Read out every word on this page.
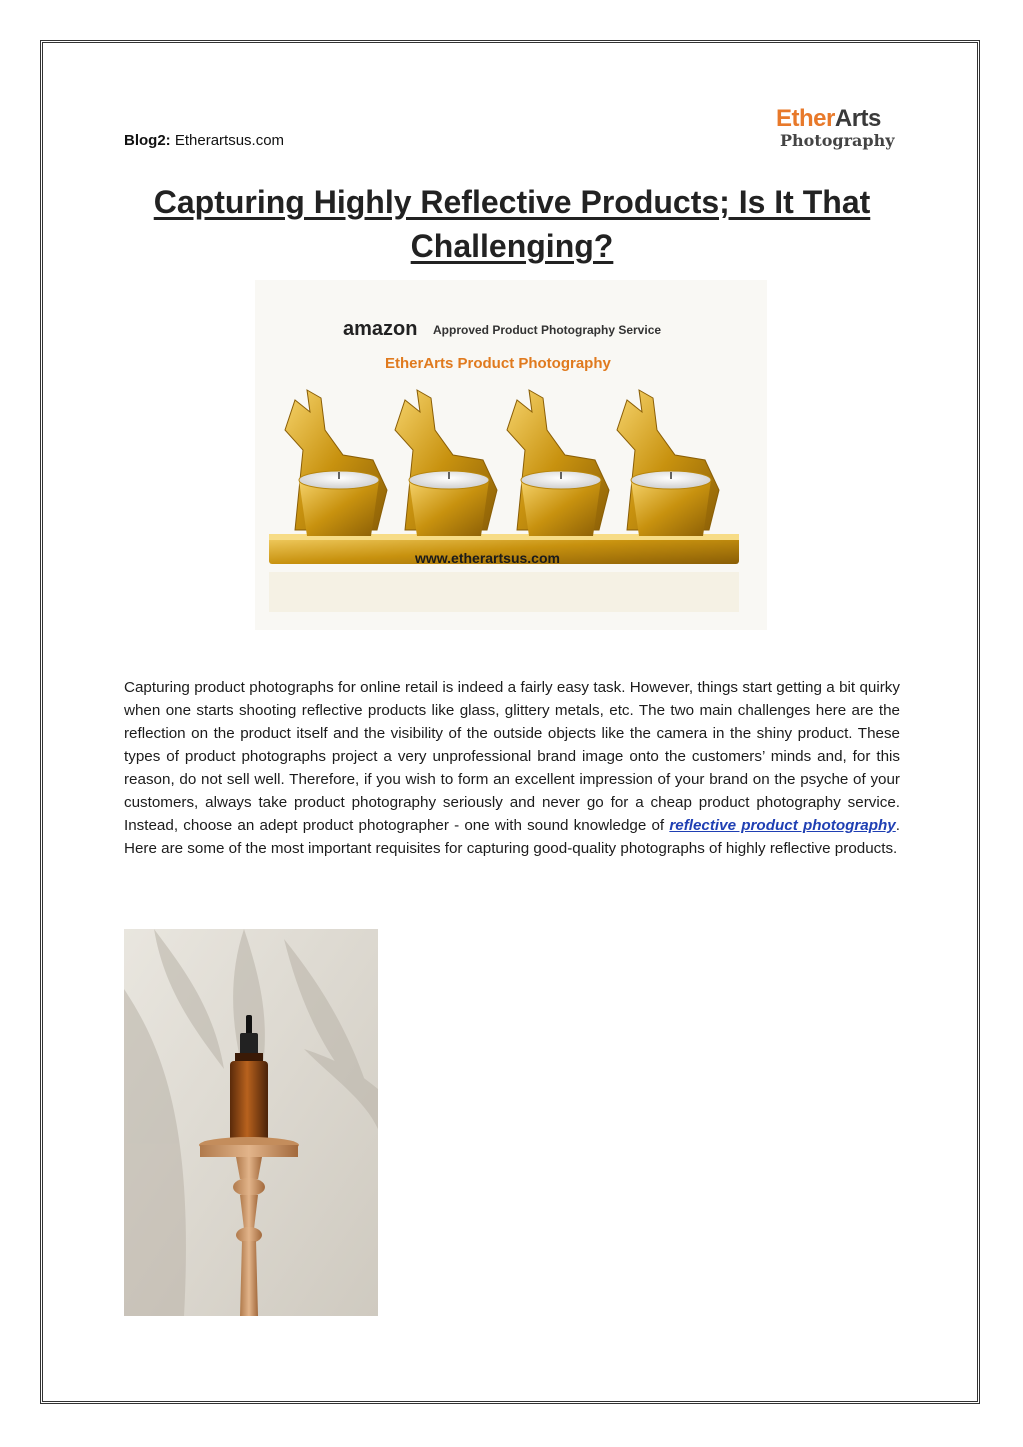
Blog2: Etherartsus.com
EtherArts
Photography
Capturing Highly Reflective Products; Is It That Challenging?
amazon Approved Product Photography Service
EtherArts Product Photography
www.etherartsus.com

Capturing product photographs for online retail is indeed a fairly easy task. However, things start getting a bit quirky when one starts shooting reflective products like glass, glittery metals, etc. The two main challenges here are the reflection on the product itself and the visibility of the outside objects like the camera in the shiny product. These types of product photographs project a very unprofessional brand image onto the customers’ minds and, for this reason, do not sell well. Therefore, if you wish to form an excellent impression of your brand on the psyche of your customers, always take product photography seriously and never go for a cheap product photography service. Instead, choose an adept product photographer - one with sound knowledge of reflective product photography. Here are some of the most important requisites for capturing good-quality photographs of highly reflective products.
